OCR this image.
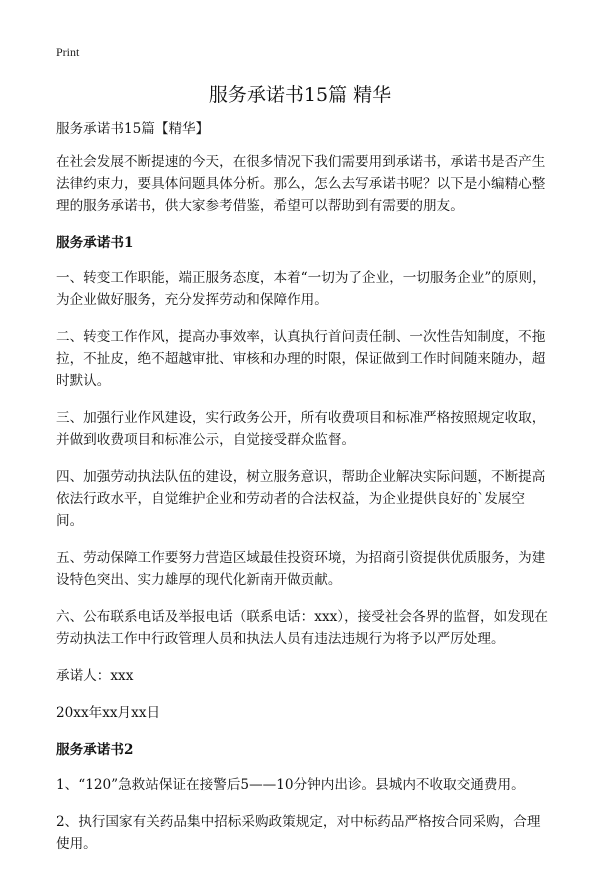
Print
服务承诺书15篇 精华

服务承诺书15篇【精华】

在社会发展不断提速的今天，在很多情况下我们需要用到承诺书，承诺书是否产生法律约束力，要具体问题具体分析。那么，怎么去写承诺书呢？以下是小编精心整理的服务承诺书，供大家参考借鉴，希望可以帮助到有需要的朋友。

服务承诺书1

一、转变工作职能，端正服务态度，本着“一切为了企业，一切服务企业”的原则，为企业做好服务，充分发挥劳动和保障作用。

二、转变工作作风，提高办事效率，认真执行首问责任制、一次性告知制度，不拖拉，不扯皮，绝不超越审批、审核和办理的时限，保证做到工作时间随来随办，超时默认。

三、加强行业作风建设，实行政务公开，所有收费项目和标准严格按照规定收取，并做到收费项目和标准公示，自觉接受群众监督。

四、加强劳动执法队伍的建设，树立服务意识，帮助企业解决实际问题，不断提高依法行政水平，自觉维护企业和劳动者的合法权益，为企业提供良好的`发展空间。

五、劳动保障工作要努力营造区域最佳投资环境，为招商引资提供优质服务，为建设特色突出、实力雄厚的现代化新南开做贡献。

六、公布联系电话及举报电话（联系电话：xxx），接受社会各界的监督，如发现在劳动执法工作中行政管理人员和执法人员有违法违规行为将予以严厉处理。

承诺人：xxx

20xx年xx月xx日

服务承诺书2

1、“120”急救站保证在接警后5——10分钟内出诊。县城内不收取交通费用。

2、执行国家有关药品集中招标采购政策规定，对中标药品严格按合同采购，合理使用。
